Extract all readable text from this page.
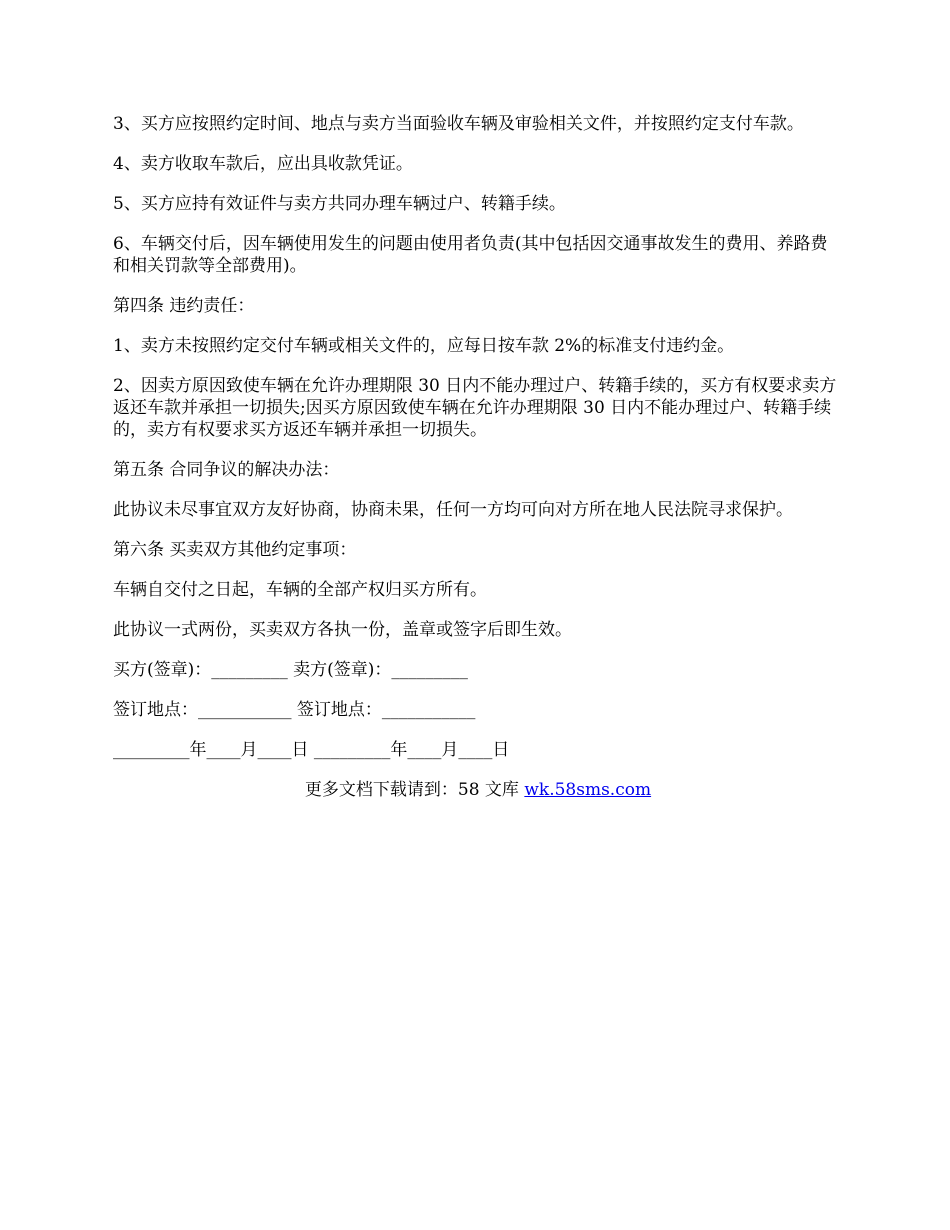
3、买方应按照约定时间、地点与卖方当面验收车辆及审验相关文件，并按照约定支付车款。

4、卖方收取车款后，应出具收款凭证。

5、买方应持有效证件与卖方共同办理车辆过户、转籍手续。

6、车辆交付后，因车辆使用发生的问题由使用者负责(其中包括因交通事故发生的费用、养路费和相关罚款等全部费用)。

第四条 违约责任：

1、卖方未按照约定交付车辆或相关文件的，应每日按车款 2%的标准支付违约金。

2、因卖方原因致使车辆在允许办理期限 30 日内不能办理过户、转籍手续的，买方有权要求卖方返还车款并承担一切损失;因买方原因致使车辆在允许办理期限 30 日内不能办理过户、转籍手续的，卖方有权要求买方返还车辆并承担一切损失。

第五条 合同争议的解决办法：

此协议未尽事宜双方友好协商，协商未果，任何一方均可向对方所在地人民法院寻求保护。

第六条 买卖双方其他约定事项：

车辆自交付之日起，车辆的全部产权归买方所有。

此协议一式两份，买卖双方各执一份，盖章或签字后即生效。

买方(签章)：_________ 卖方(签章)：_________

签订地点：___________ 签订地点：___________

_________年____月____日 _________年____月____日

更多文档下载请到：58 文库 wk.58sms.com
